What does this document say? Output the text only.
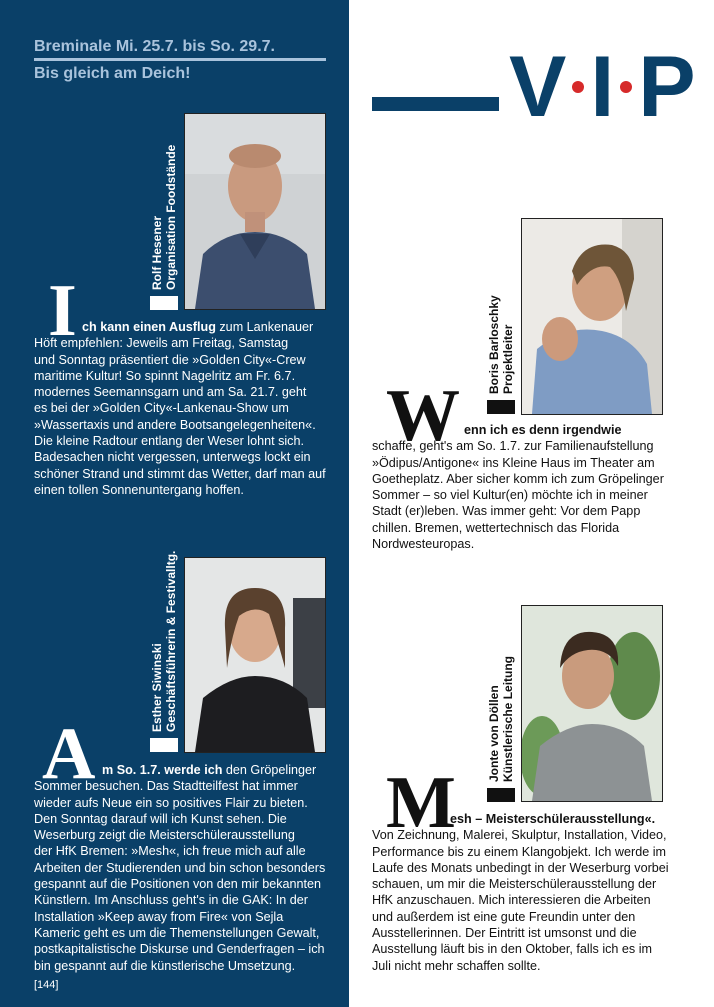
Breminale Mi. 25.7. bis So. 29.7.
Bis gleich am Deich!	V I P
Rolf Hesener Organisation Foodstände
I ch kann einen Ausflug zum Lankenauer
Höft empfehlen: Jeweils am Freitag, Samstag
und Sonntag präsentiert die »Golden City«-Crew
maritime Kultur! So spinnt Nagelritz am Fr. 6.7.
modernes Seemannsgarn und am Sa. 21.7. geht
es bei der »Golden City«-Lankenau-Show um
»Wassertaxis und andere Bootsangelegenheiten«.
Die kleine Radtour entlang der Weser lohnt sich.
Badesachen nicht vergessen, unterwegs lockt ein
schöner Strand und stimmt das Wetter, darf man auf
einen tollen Sonnenuntergang hoffen.
Boris Barloschky Projektleiter
W enn ich es denn irgendwie
schaffe, geht's am So. 1.7. zur Familienaufstellung
»Ödipus/Antigone« ins Kleine Haus im Theater am
Goetheplatz. Aber sicher komm ich zum Gröpelinger
Sommer – so viel Kultur(en) möchte ich in meiner
Stadt (er)leben. Was immer geht: Vor dem Papp
chillen. Bremen, wettertechnisch das Florida
Nordwesteuropas.
Esther Siwinski Geschäftsführerin & Festivalltg.
A m So. 1.7. werde ich den Gröpelinger
Sommer besuchen. Das Stadtteilfest hat immer
wieder aufs Neue ein so positives Flair zu bieten.
Den Sonntag darauf will ich Kunst sehen. Die
Weserburg zeigt die Meisterschülerausstellung
der HfK Bremen: »Mesh«, ich freue mich auf alle
Arbeiten der Studierenden und bin schon besonders
gespannt auf die Positionen von den mir bekannten
Künstlern. Im Anschluss geht's in die GAK: In der
Installation »Keep away from Fire« von Sejla
Kameric geht es um die Themenstellungen Gewalt,
postkapitalistische Diskurse und Genderfragen – ich
bin gespannt auf die künstlerische Umsetzung.
Jonte von Döllen Künstlerische Leitung
M
esh – Meisterschülerausstellung«.
Von Zeichnung, Malerei, Skulptur, Installation, Video,
Performance bis zu einem Klangobjekt. Ich werde im
Laufe des Monats unbedingt in der Weserburg vorbei
schauen, um mir die Meisterschülerausstellung der
HfK anzuschauen. Mich interessieren die Arbeiten
und außerdem ist eine gute Freundin unter den
Ausstellerinnen. Der Eintritt ist umsonst und die
Ausstellung läuft bis in den Oktober, falls ich es im
Juli nicht mehr schaffen sollte.
[144]
